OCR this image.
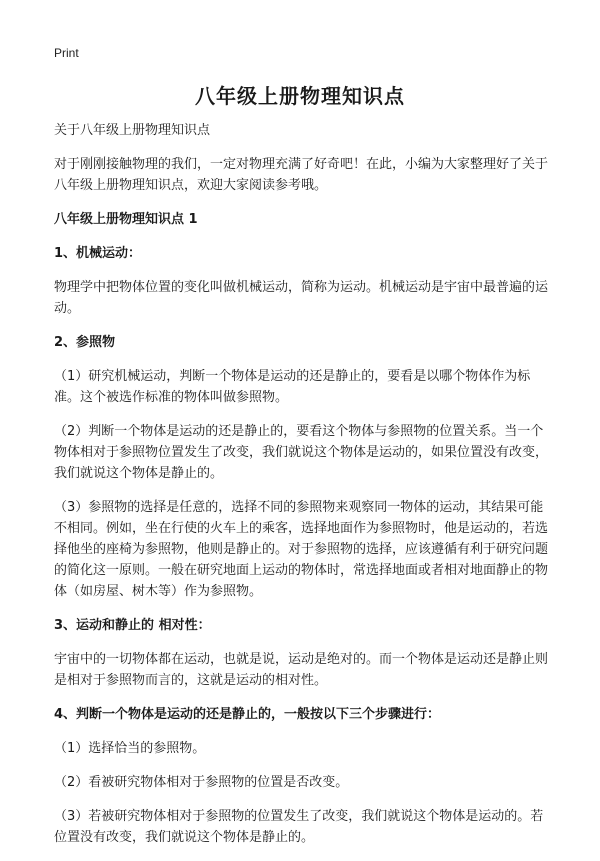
Print
八年级上册物理知识点

关于八年级上册物理知识点

对于刚刚接触物理的我们，一定对物理充满了好奇吧！在此，小编为大家整理好了关于八年级上册物理知识点，欢迎大家阅读参考哦。

八年级上册物理知识点 1

1、机械运动：

物理学中把物体位置的变化叫做机械运动，简称为运动。机械运动是宇宙中最普遍的运动。

2、参照物

（1）研究机械运动，判断一个物体是运动的还是静止的，要看是以哪个物体作为标准。这个被选作标准的物体叫做参照物。

（2）判断一个物体是运动的还是静止的，要看这个物体与参照物的位置关系。当一个物体相对于参照物位置发生了改变，我们就说这个物体是运动的，如果位置没有改变，我们就说这个物体是静止的。

（3）参照物的选择是任意的，选择不同的参照物来观察同一物体的运动，其结果可能不相同。例如，坐在行使的火车上的乘客，选择地面作为参照物时，他是运动的，若选择他坐的座椅为参照物，他则是静止的。对于参照物的选择，应该遵循有利于研究问题的简化这一原则。一般在研究地面上运动的物体时，常选择地面或者相对地面静止的物体（如房屋、树木等）作为参照物。

3、运动和静止的 相对性：

宇宙中的一切物体都在运动，也就是说，运动是绝对的。而一个物体是运动还是静止则是相对于参照物而言的，这就是运动的相对性。

4、判断一个物体是运动的还是静止的，一般按以下三个步骤进行：

（1）选择恰当的参照物。

（2）看被研究物体相对于参照物的位置是否改变。

（3）若被研究物体相对于参照物的位置发生了改变，我们就说这个物体是运动的。若位置没有改变，我们就说这个物体是静止的。
